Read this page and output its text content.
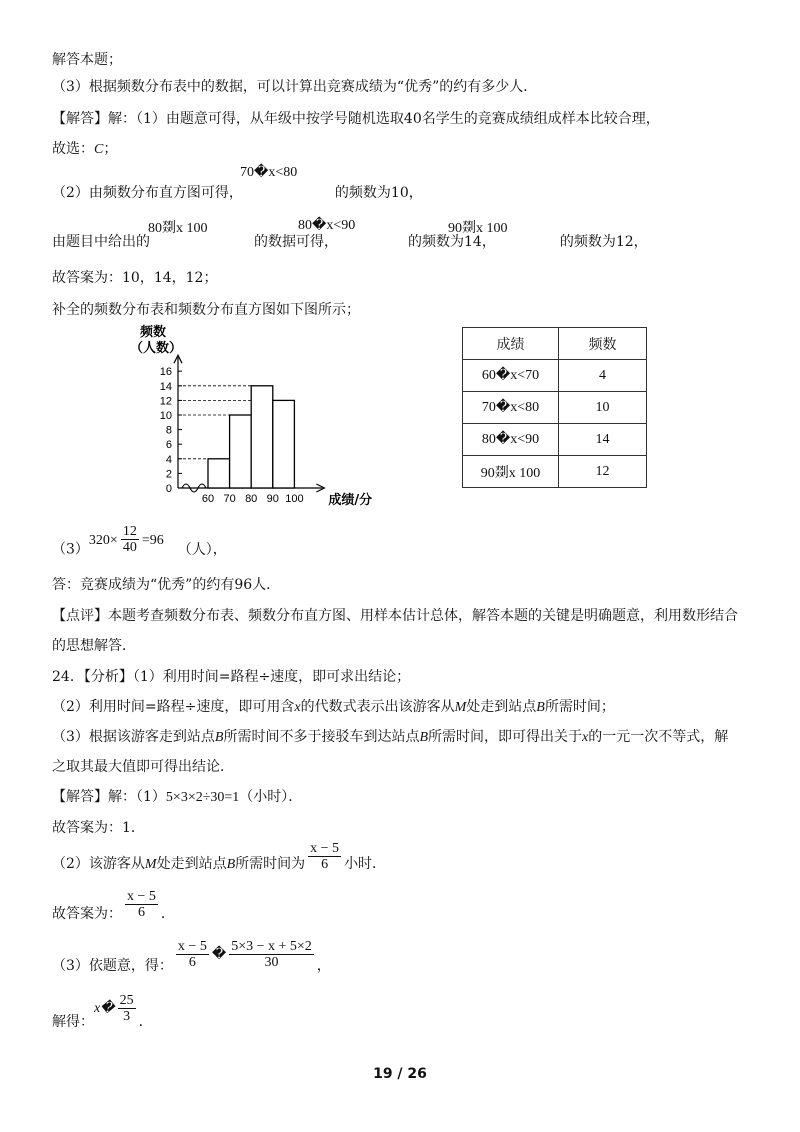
解答本题；
（3）根据频数分布表中的数据，可以计算出竞赛成绩为“优秀”的约有多少人．
【解答】解：（1）由题意可得，从年级中按学号随机选取40名学生的竞赛成绩组成样本比较合理，
故选：C；
70�x<80
（2）由频数分布直方图可得，	的频数为10，
80剟x 100	80�x<90	90剟x 100
由题目中给出的	的数据可得，	的频数为14，	的频数为12，
故答案为：10，14，12；
补全的频数分布表和频数分布直方图如下图所示；
0
2
4
6
8
10
12
14
16
60 70 80 90 100
频数
（人数）
成绩/分
成绩	频数
60�x<70	4
70�x<80	10
80�x<90	14
90剟x 100	12
$(3)320\times \frac{12}{40} =96$（人），
答：竞赛成绩为“优秀”的约有96人．
【点评】本题考查频数分布表、频数分布直方图、用样本估计总体，解答本题的关键是明确题意，利用数形结合
的思想解答．
24．【分析】（1）利用时间=路程÷速度，即可求出结论；
（2）利用时间=路程÷速度，即可用含x的代数式表示出该游客从M处走到站点B所需时间；
（3）根据该游客走到站点B所需时间不多于接驳车到达站点B所需时间，即可得出关于x的一元一次不等式，解
之取其最大值即可得出结论．
【解答】解：（1）5×3×2÷30=1（小时）．
故答案为：1．
（2）该游客从M处走到站点B所需时间为 $\frac{x - 5}{6}$ 小时．
故答案为： $\frac{x - 5}{6}$ ．
（3）依题意，得： $\frac{x - 5}{6}$ � $\frac{5\times 3 - x + 5\times 2}{30}$ ，
解得：x� $\frac{25}{3}$ ．
19 / 26
